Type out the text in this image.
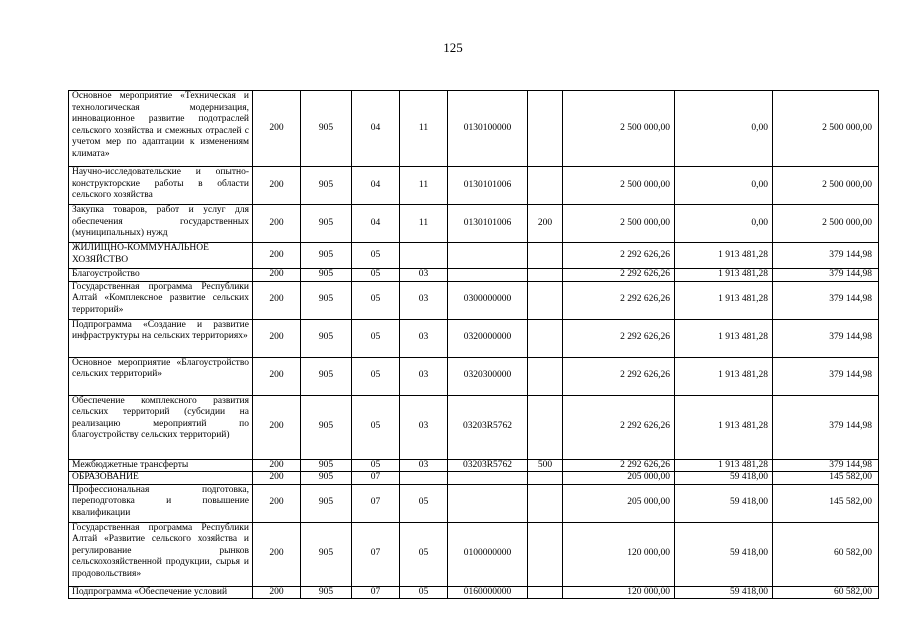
125
Основное мероприятие «Техническая и технологическая модернизация, инновационное развитие подотраслей сельского хозяйства и смежных отраслей с учетом мер по адаптации к изменениям климата»	200	905	04	11	0130100000		2 500 000,00	0,00	2 500 000,00
Научно-исследовательские и опытно-конструкторские работы в области сельского хозяйства	200	905	04	11	0130101006		2 500 000,00	0,00	2 500 000,00
Закупка товаров, работ и услуг для обеспечения государственных (муниципальных) нужд	200	905	04	11	0130101006	200	2 500 000,00	0,00	2 500 000,00
ЖИЛИЩНО-КОММУНАЛЬНОЕ ХОЗЯЙСТВО	200	905	05				2 292 626,26	1 913 481,28	379 144,98
Благоустройство	200	905	05	03			2 292 626,26	1 913 481,28	379 144,98
Государственная программа Республики Алтай «Комплексное развитие сельских территорий»	200	905	05	03	0300000000		2 292 626,26	1 913 481,28	379 144,98
Подпрограмма «Создание и развитие инфраструктуры на сельских территориях»	200	905	05	03	0320000000		2 292 626,26	1 913 481,28	379 144,98
Основное мероприятие «Благоустройство сельских территорий»	200	905	05	03	0320300000		2 292 626,26	1 913 481,28	379 144,98
Обеспечение комплексного развития сельских территорий (субсидии на реализацию мероприятий по благоустройству сельских территорий)	200	905	05	03	03203R5762		2 292 626,26	1 913 481,28	379 144,98
Межбюджетные трансферты	200	905	05	03	03203R5762	500	2 292 626,26	1 913 481,28	379 144,98
ОБРАЗОВАНИЕ	200	905	07				205 000,00	59 418,00	145 582,00
Профессиональная подготовка, переподготовка и повышение квалификации	200	905	07	05			205 000,00	59 418,00	145 582,00
Государственная программа Республики Алтай «Развитие сельского хозяйства и регулирование рынков сельскохозяйственной продукции, сырья и продовольствия»	200	905	07	05	0100000000		120 000,00	59 418,00	60 582,00
Подпрограмма «Обеспечение условий	200	905	07	05	0160000000		120 000,00	59 418,00	60 582,00
